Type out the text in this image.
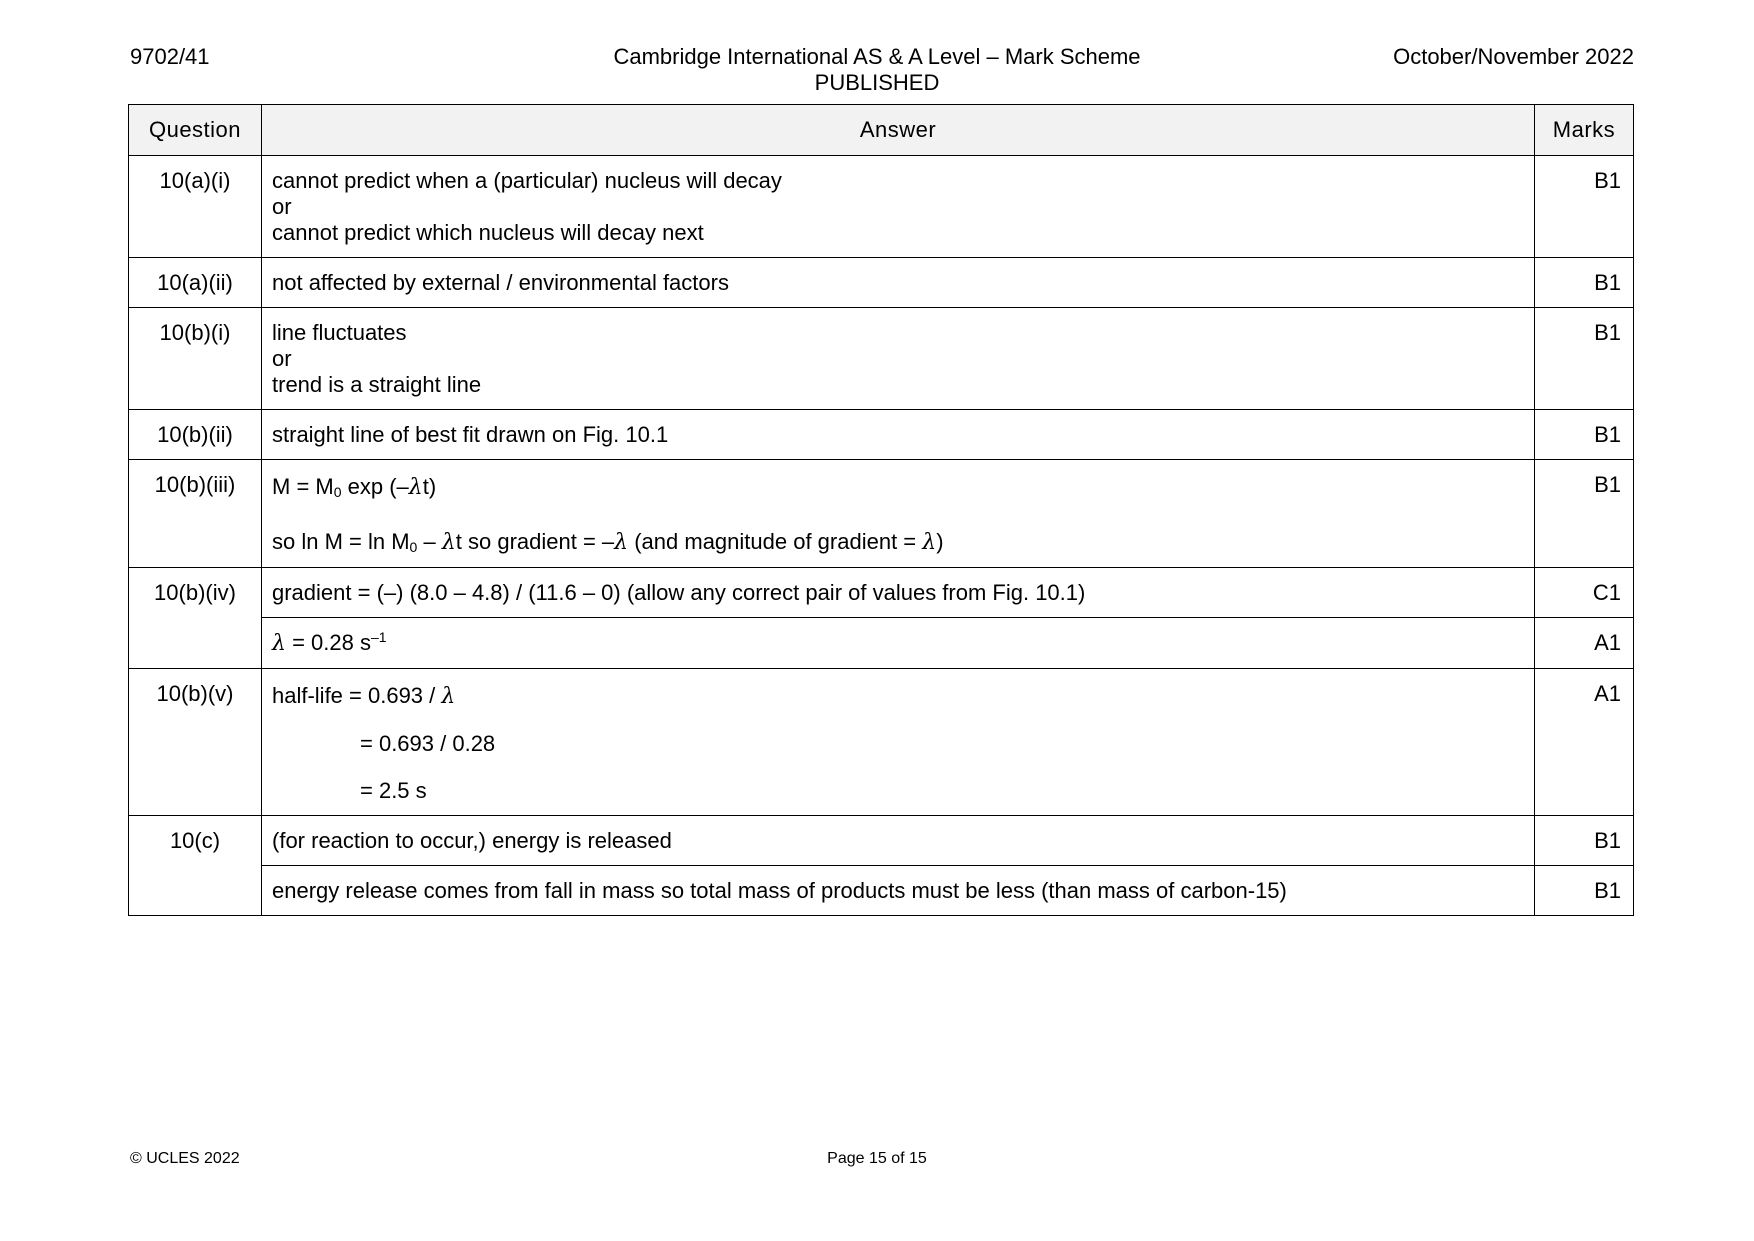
9702/41	Cambridge International AS & A Level – Mark Scheme
PUBLISHED
October/November 2022
Question	Answer	Marks
10(a)(i)	cannot predict when a (particular) nucleus will decay
or
cannot predict which nucleus will decay next	B1
10(a)(ii)	not affected by external / environmental factors	B1
10(b)(i)	line fluctuates
or
trend is a straight line	B1
10(b)(ii)	straight line of best fit drawn on Fig. 10.1	B1
10(b)(iii)	$M = M_0$ exp (–λt)
so $\ln M = \ln M_0 - \lambda t$ so gradient = –λ (and magnitude of gradient = λ)	B1
10(b)(iv)	gradient = (–) (8.0 – 4.8) / (11.6 – 0) (allow any correct pair of values from Fig. 10.1)	C1

	λ = 0.28 $s^{-1}$	A1
10(b)(v)	half-life = 0.693 / λ
= 0.693 / 0.28
= 2.5 s	A1
10(c)	(for reaction to occur,) energy is released	B1

	energy release comes from fall in mass so total mass of products must be less (than mass of carbon-15)	B1
© UCLES 2022	Page 15 of 15
